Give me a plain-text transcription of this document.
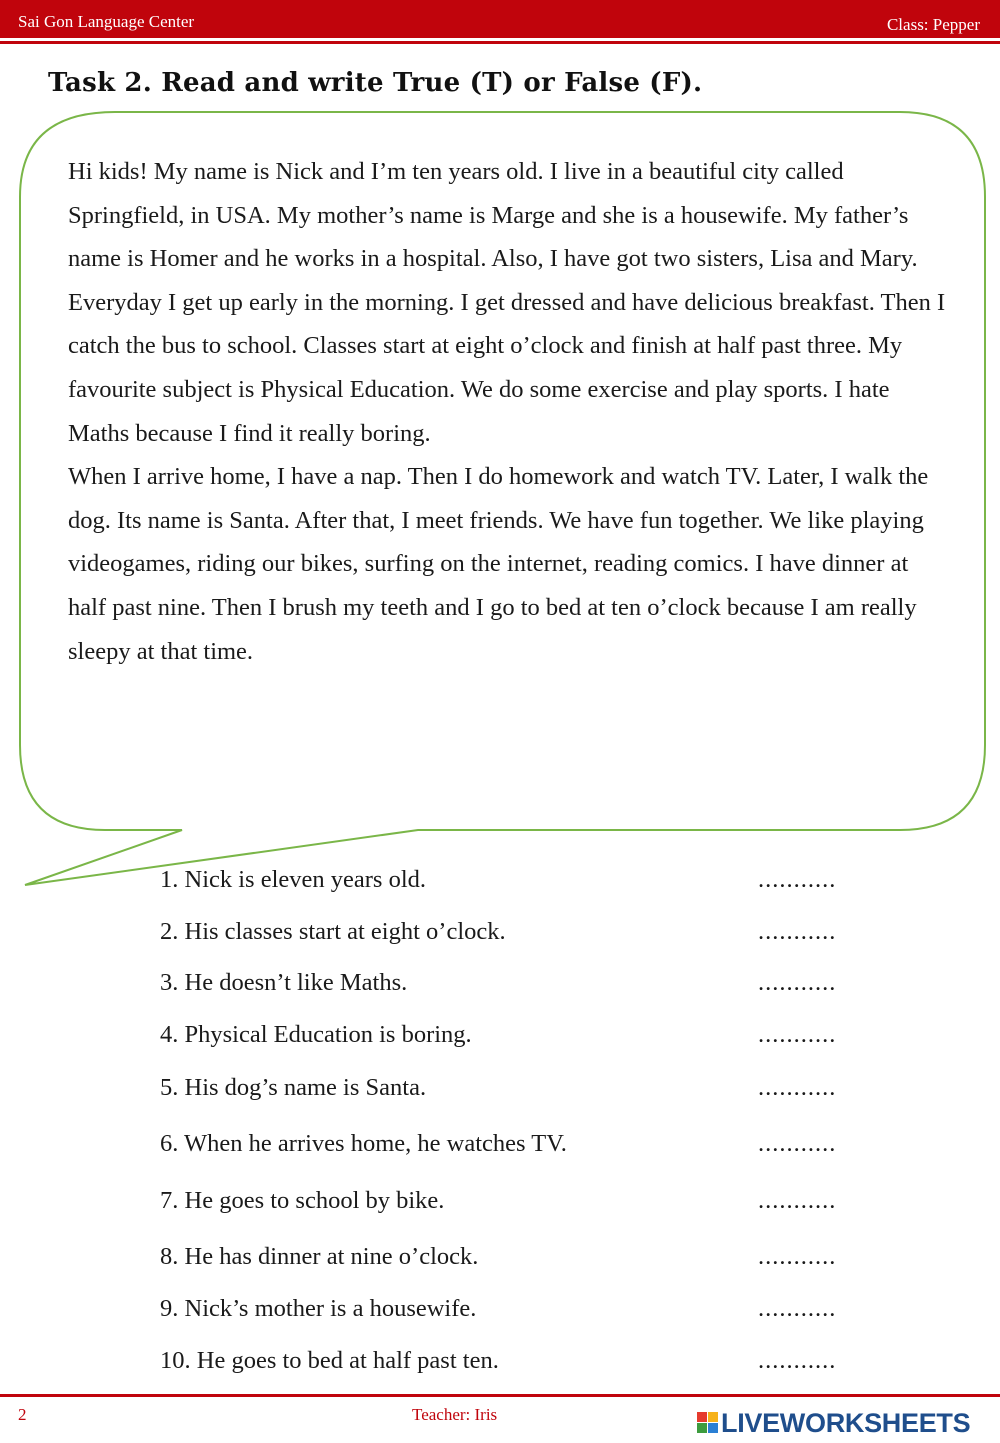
Sai Gon Language Center	Class: Pepper
Task 2. Read and write True (T) or False (F).

Hi kids! My name is Nick and I’m ten years old. I live in a beautiful city called Springfield, in USA. My mother’s name is Marge and she is a housewife. My father’s name is Homer and he works in a hospital. Also, I have got two sisters, Lisa and Mary.

Everyday I get up early in the morning. I get dressed and have delicious breakfast. Then I catch the bus to school. Classes start at eight o’clock and finish at half past three. My favourite subject is Physical Education. We do some exercise and play sports. I hate Maths because I find it really boring.

When I arrive home, I have a nap. Then I do homework and watch TV. Later, I walk the dog. Its name is Santa. After that, I meet friends. We have fun together. We like playing videogames, riding our bikes, surfing on the internet, reading comics. I have dinner at half past nine. Then I brush my teeth and I go to bed at ten o’clock because I am really sleepy at that time.

1. Nick is eleven years old.	...........
2. His classes start at eight o’clock.	...........
3. He doesn’t like Maths.	...........
4. Physical Education is boring.	...........
5. His dog’s name is Santa.	...........
6. When he arrives home, he watches TV.	...........
7. He goes to school by bike.	...........
8. He has dinner at nine o’clock.	...........
9. Nick’s mother is a housewife.	...........
10. He goes to bed at half past ten.	...........
2	Teacher: Iris	LIVEWORKSHEETS
